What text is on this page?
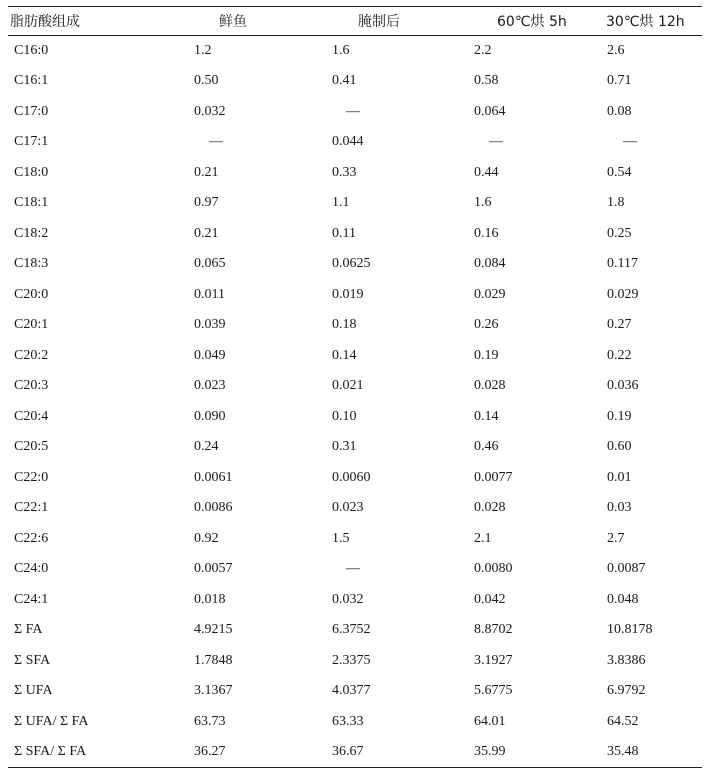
脂肪酸组成	鲜鱼	腌制后	60℃烘 5h	30℃烘 12h
C16:0	1.2	1.6	2.2	2.6
C16:1	0.50	0.41	0.58	0.71
C17:0	0.032	—	0.064	0.08
C17:1	—	0.044	—	—
C18:0	0.21	0.33	0.44	0.54
C18:1	0.97	1.1	1.6	1.8
C18:2	0.21	0.11	0.16	0.25
C18:3	0.065	0.0625	0.084	0.117
C20:0	0.011	0.019	0.029	0.029
C20:1	0.039	0.18	0.26	0.27
C20:2	0.049	0.14	0.19	0.22
C20:3	0.023	0.021	0.028	0.036
C20:4	0.090	0.10	0.14	0.19
C20:5	0.24	0.31	0.46	0.60
C22:0	0.0061	0.0060	0.0077	0.01
C22:1	0.0086	0.023	0.028	0.03
C22:6	0.92	1.5	2.1	2.7
C24:0	0.0057	—	0.0080	0.0087
C24:1	0.018	0.032	0.042	0.048
Σ FA	4.9215	6.3752	8.8702	10.8178
Σ SFA	1.7848	2.3375	3.1927	3.8386
Σ UFA	3.1367	4.0377	5.6775	6.9792
Σ UFA/ Σ FA	63.73	63.33	64.01	64.52
Σ SFA/ Σ FA	36.27	36.67	35.99	35.48
